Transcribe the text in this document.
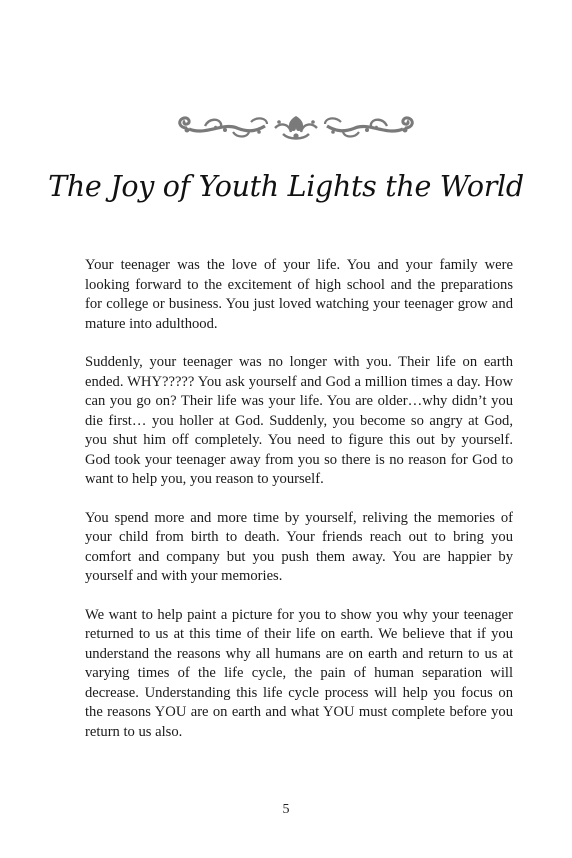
The Joy of Youth Lights the World

Your teenager was the love of your life. You and your family were looking forward to the excitement of high school and the preparations for college or business. You just loved watching your teenager grow and mature into adulthood.

Suddenly, your teenager was no longer with you. Their life on earth ended. WHY????? You ask yourself and God a million times a day. How can you go on? Their life was your life. You are older…why didn’t you die first… you holler at God. Suddenly, you become so angry at God, you shut him off completely. You need to figure this out by yourself. God took your teenager away from you so there is no reason for God to want to help you, you reason to yourself.

You spend more and more time by yourself, reliving the memories of your child from birth to death. Your friends reach out to bring you comfort and company but you push them away. You are happier by yourself and with your memories.

We want to help paint a picture for you to show you why your teenager returned to us at this time of their life on earth. We believe that if you understand the reasons why all humans are on earth and return to us at varying times of the life cycle, the pain of human separation will decrease. Understanding this life cycle process will help you focus on the reasons YOU are on earth and what YOU must complete before you return to us also.

5
